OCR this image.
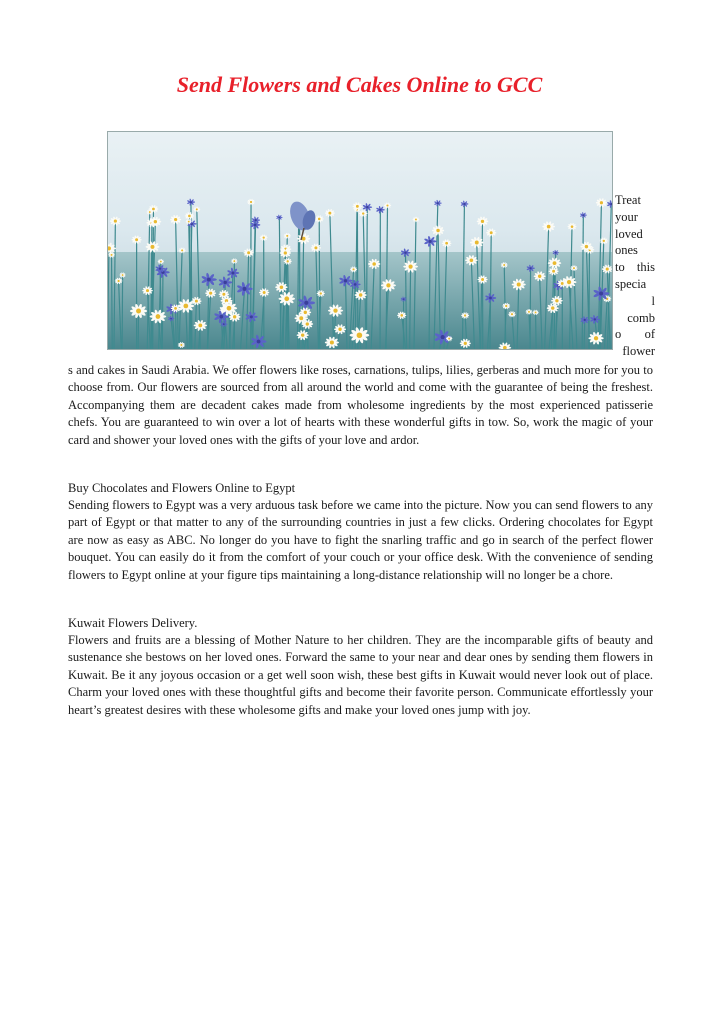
Send Flowers and Cakes Online to GCC
Treat
your
loved
ones
to this
specia
l
comb
o of
flower

s and cakes in Saudi Arabia. We offer flowers like roses, carnations, tulips, lilies, gerberas and much more for you to choose from. Our flowers are sourced from all around the world and come with the guarantee of being the freshest. Accompanying them are decadent cakes made from wholesome ingredients by the most experienced patisserie chefs. You are guaranteed to win over a lot of hearts with these wonderful gifts in tow. So, work the magic of your card and shower your loved ones with the gifts of your love and ardor.

Buy Chocolates and Flowers Online to Egypt

Sending flowers to Egypt was a very arduous task before we came into the picture. Now you can send flowers to any part of Egypt or that matter to any of the surrounding countries in just a few clicks. Ordering chocolates for Egypt are now as easy as ABC. No longer do you have to fight the snarling traffic and go in search of the perfect flower bouquet. You can easily do it from the comfort of your couch or your office desk. With the convenience of sending flowers to Egypt online at your figure tips maintaining a long-distance relationship will no longer be a chore.

Kuwait Flowers Delivery.

Flowers and fruits are a blessing of Mother Nature to her children. They are the incomparable gifts of beauty and sustenance she bestows on her loved ones. Forward the same to your near and dear ones by sending them flowers in Kuwait. Be it any joyous occasion or a get well soon wish, these best gifts in Kuwait would never look out of place. Charm your loved ones with these thoughtful gifts and become their favorite person. Communicate effortlessly your heart’s greatest desires with these wholesome gifts and make your loved ones jump with joy.
